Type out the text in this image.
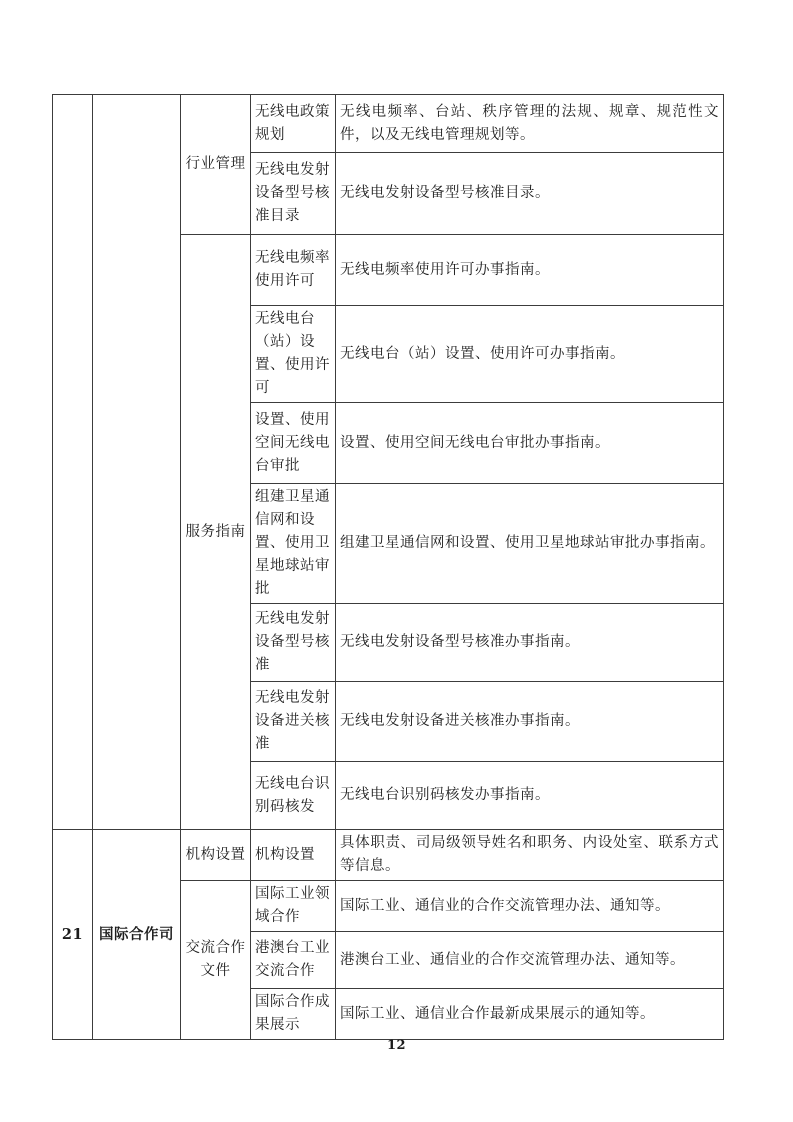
		行业管理	无线电政策规划	无线电频率、台站、秩序管理的法规、规章、规范性文件，以及无线电管理规划等。
			无线电发射设备型号核准目录	无线电发射设备型号核准目录。
		服务指南	无线电频率使用许可	无线电频率使用许可办事指南。
			无线电台（站）设置、使用许可	无线电台（站）设置、使用许可办事指南。
			设置、使用空间无线电台审批	设置、使用空间无线电台审批办事指南。
			组建卫星通信网和设置、使用卫星地球站审批	组建卫星通信网和设置、使用卫星地球站审批办事指南。
			无线电发射设备型号核准	无线电发射设备型号核准办事指南。
			无线电发射设备进关核准	无线电发射设备进关核准办事指南。
			无线电台识别码核发	无线电台识别码核发办事指南。
21	国际合作司	机构设置	机构设置	具体职责、司局级领导姓名和职务、内设处室、联系方式等信息。
		交流合作文件	国际工业领域合作	国际工业、通信业的合作交流管理办法、通知等。
			港澳台工业交流合作	港澳台工业、通信业的合作交流管理办法、通知等。
			国际合作成果展示	国际工业、通信业合作最新成果展示的通知等。
12
